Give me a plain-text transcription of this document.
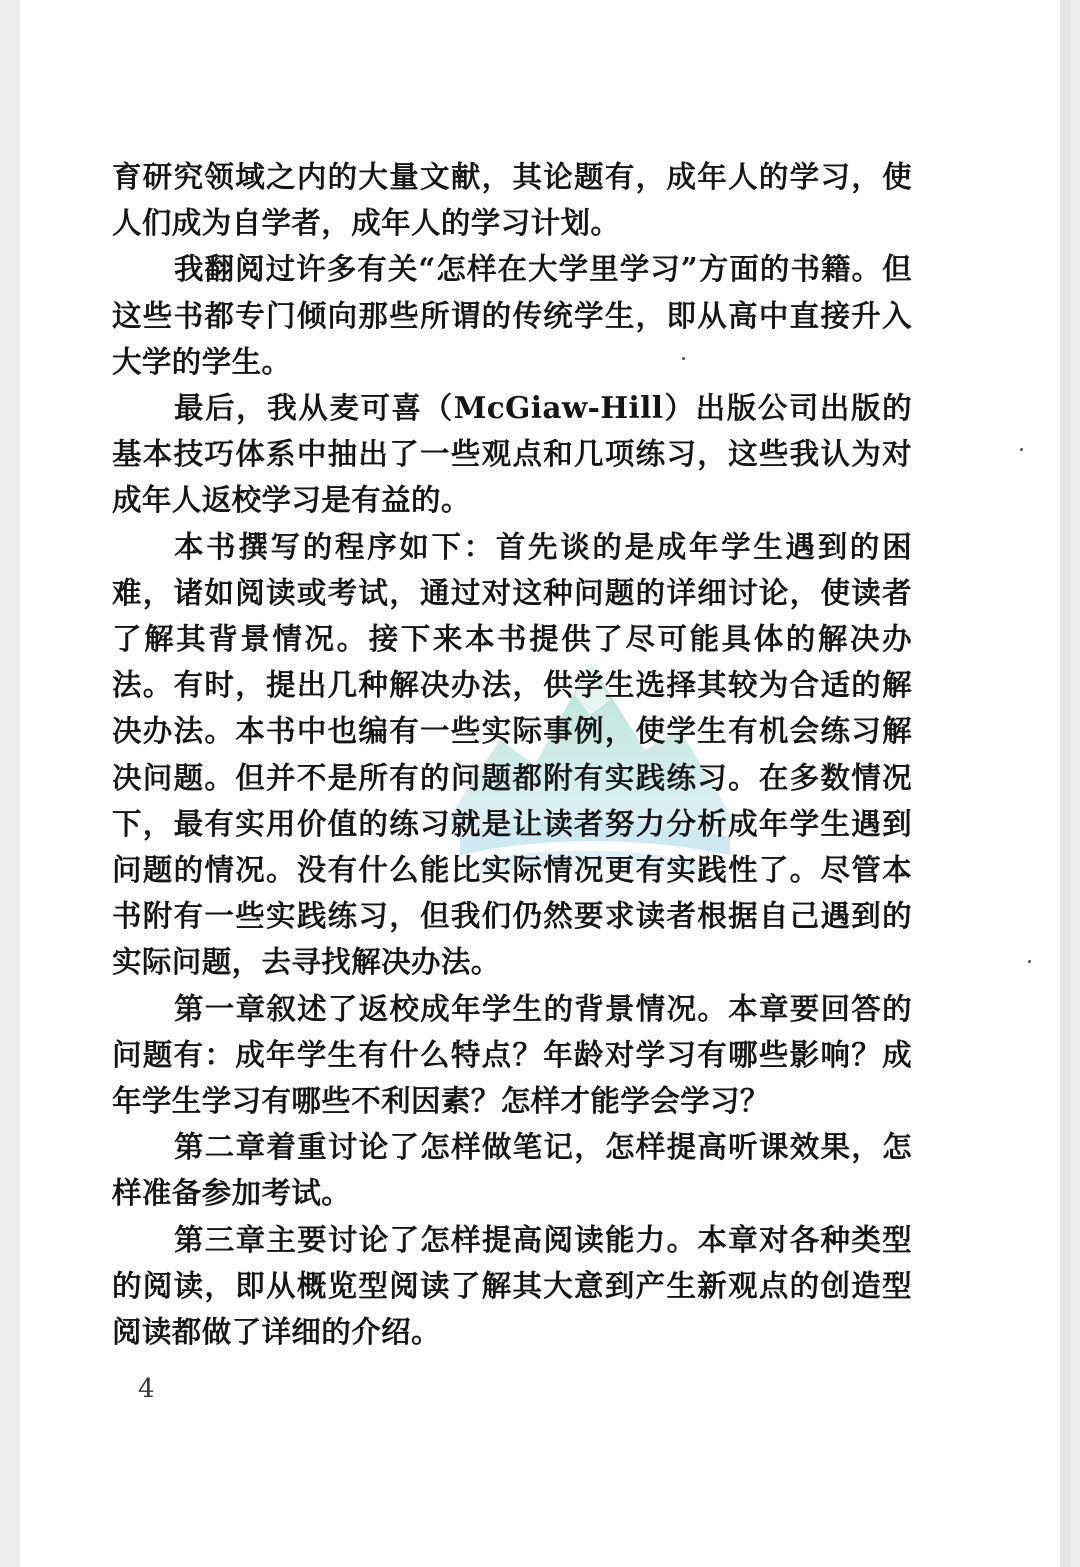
育研究领域之内的大量文献，其论题有，成年人的学习，使人们成为自学者，成年人的学习计划。

我翻阅过许多有关“怎样在大学里学习”方面的书籍。但这些书都专门倾向那些所谓的传统学生，即从高中直接升入大学的学生。

最后，我从麦可喜（McGiaw-Hill）出版公司出版的基本技巧体系中抽出了一些观点和几项练习，这些我认为对成年人返校学习是有益的。

本书撰写的程序如下：首先谈的是成年学生遇到的困难，诸如阅读或考试，通过对这种问题的详细讨论，使读者了解其背景情况。接下来本书提供了尽可能具体的解决办法。有时，提出几种解决办法，供学生选择其较为合适的解决办法。本书中也编有一些实际事例，使学生有机会练习解决问题。但并不是所有的问题都附有实践练习。在多数情况下，最有实用价值的练习就是让读者努力分析成年学生遇到问题的情况。没有什么能比实际情况更有实践性了。尽管本书附有一些实践练习，但我们仍然要求读者根据自己遇到的实际问题，去寻找解决办法。

第一章叙述了返校成年学生的背景情况。本章要回答的问题有：成年学生有什么特点？年龄对学习有哪些影响？成年学生学习有哪些不利因素？怎样才能学会学习？

第二章着重讨论了怎样做笔记，怎样提高听课效果，怎样准备参加考试。

第三章主要讨论了怎样提高阅读能力。本章对各种类型的阅读，即从概览型阅读了解其大意到产生新观点的创造型阅读都做了详细的介绍。

4
